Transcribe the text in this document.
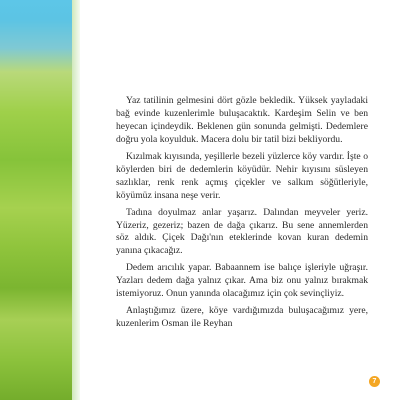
Yaz tatilinin gelmesini dört gözle bekledik. Yüksek yayladaki bağ evinde kuzenlerimle buluşacaktık. Kardeşim Selin ve ben heyecan içindeydik. Beklenen gün sonunda gelmişti. Dedemlere doğru yola koyulduk. Macera dolu bir tatil bizi bekliyordu.

Kızılmak kıyısında, yeşillerle bezeli yüzlerce köy vardır. İşte o köylerden biri de dedemlerin köyüdür. Nehir kıyısını süsleyen sazlıklar, renk renk açmış çiçekler ve salkım söğütleriyle, köyümüz insana neşe verir.

Tadına doyulmaz anlar yaşarız. Dalından meyveler yeriz. Yüzeriz, gezeriz; bazen de dağa çıkarız. Bu sene annemlerden söz aldık. Çiçek Dağı'nın eteklerinde kovan kuran dedemin yanına çıkacağız.

Dedem arıcılık yapar. Babaannem ise balıçe işleriyle uğraşır. Yazları dedem dağa yalnız çıkar. Ama biz onu yalnız bırakmak istemiyoruz. Onun yanında olacağımız için çok sevinçliyiz.

Anlaştığımız üzere, köye vardığımızda buluşacağımız yere, kuzenlerim Osman ile Reyhan

7
